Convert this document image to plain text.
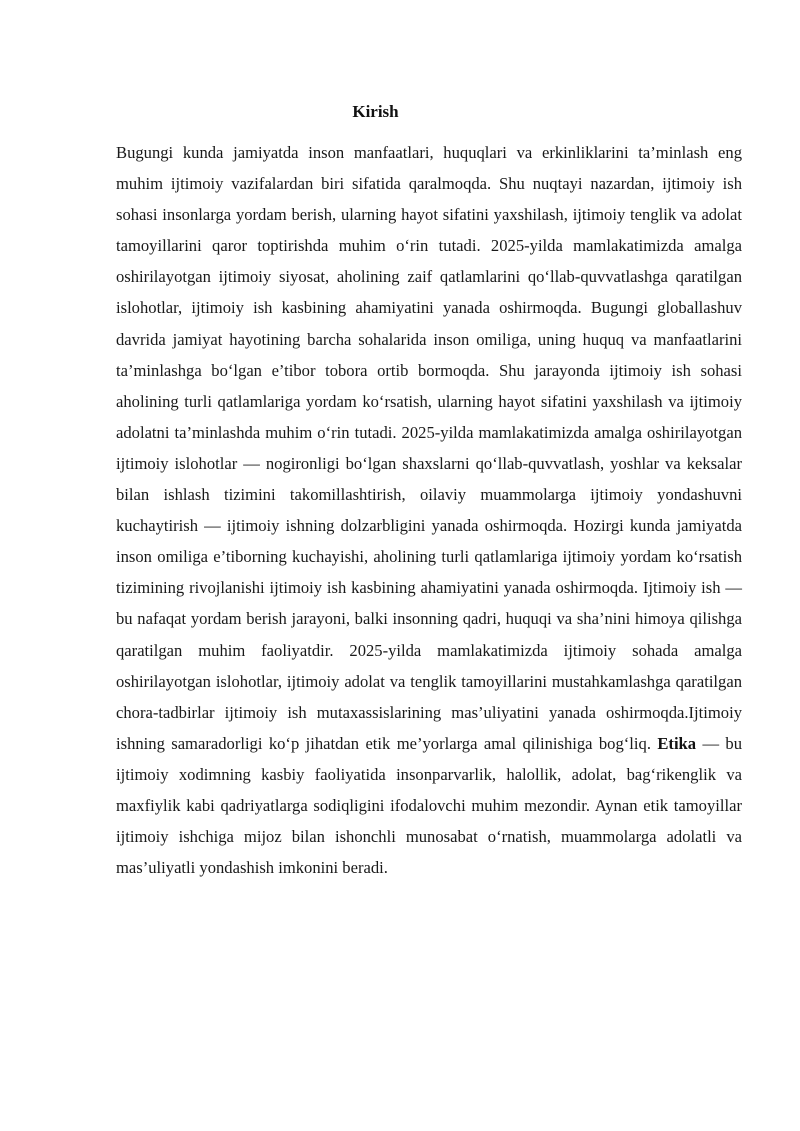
Kirish

Bugungi kunda jamiyatda inson manfaatlari, huquqlari va erkinliklarini ta’minlash eng muhim ijtimoiy vazifalardan biri sifatida qaralmoqda. Shu nuqtayi nazardan, ijtimoiy ish sohasi insonlarga yordam berish, ularning hayot sifatini yaxshilash, ijtimoiy tenglik va adolat tamoyillarini qaror toptirishda muhim o‘rin tutadi. 2025-yilda mamlakatimizda amalga oshirilayotgan ijtimoiy siyosat, aholining zaif qatlamlarini qo‘llab-quvvatlashga qaratilgan islohotlar, ijtimoiy ish kasbining ahamiyatini yanada oshirmoqda. Bugungi globallashuv davrida jamiyat hayotining barcha sohalarida inson omiliga, uning huquq va manfaatlarini ta’minlashga bo‘lgan e’tibor tobora ortib bormoqda. Shu jarayonda ijtimoiy ish sohasi aholining turli qatlamlariga yordam ko‘rsatish, ularning hayot sifatini yaxshilash va ijtimoiy adolatni ta’minlashda muhim o‘rin tutadi. 2025-yilda mamlakatimizda amalga oshirilayotgan ijtimoiy islohotlar — nogironligi bo‘lgan shaxslarni qo‘llab-quvvatlash, yoshlar va keksalar bilan ishlash tizimini takomillashtirish, oilaviy muammolarga ijtimoiy yondashuvni kuchaytirish — ijtimoiy ishning dolzarbligini yanada oshirmoqda. Hozirgi kunda jamiyatda inson omiliga e’tiborning kuchayishi, aholining turli qatlamlariga ijtimoiy yordam ko‘rsatish tizimining rivojlanishi ijtimoiy ish kasbining ahamiyatini yanada oshirmoqda. Ijtimoiy ish — bu nafaqat yordam berish jarayoni, balki insonning qadri, huquqi va sha’nini himoya qilishga qaratilgan muhim faoliyatdir. 2025-yilda mamlakatimizda ijtimoiy sohada amalga oshirilayotgan islohotlar, ijtimoiy adolat va tenglik tamoyillarini mustahkamlashga qaratilgan chora-tadbirlar ijtimoiy ish mutaxassislarining mas’uliyatini yanada oshirmoqda.Ijtimoiy ishning samaradorligi ko‘p jihatdan etik me’yorlarga amal qilinishiga bog‘liq. Etika — bu ijtimoiy xodimning kasbiy faoliyatida insonparvarlik, halollik, adolat, bag‘rikenglik va maxfiylik kabi qadriyatlarga sodiqligini ifodalovchi muhim mezondir. Aynan etik tamoyillar ijtimoiy ishchiga mijoz bilan ishonchli munosabat o‘rnatish, muammolarga adolatli va mas’uliyatli yondashish imkonini beradi.
